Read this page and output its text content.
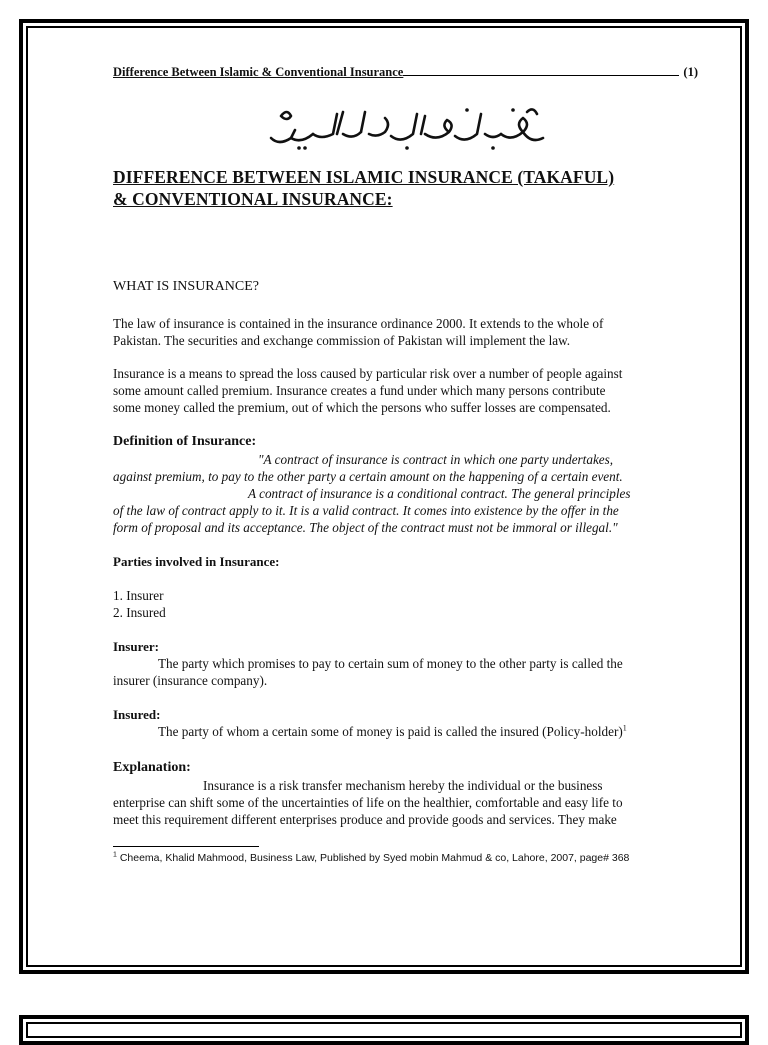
Difference Between Islamic & Conventional Insurance	(1)
بِسْمِ اللهِ الرَّحْمٰنِ الرَّحِيْمِ
DIFFERENCE BETWEEN ISLAMIC INSURANCE (TAKAFUL)
& CONVENTIONAL INSURANCE:
WHAT IS INSURANCE?
The law of insurance is contained in the insurance ordinance 2000. It extends to the whole of
Pakistan. The securities and exchange commission of Pakistan will implement the law.
Insurance is a means to spread the loss caused by particular risk over a number of people against
some amount called premium. Insurance creates a fund under which many persons contribute
some money called the premium, out of which the persons who suffer losses are compensated.
Definition of Insurance:
"A contract of insurance is contract in which one party undertakes,
against premium, to pay to the other party a certain amount on the happening of a certain event.
A contract of insurance is a conditional contract. The general principles
of the law of contract apply to it. It is a valid contract. It comes into existence by the offer in the
form of proposal and its acceptance. The object of the contract must not be immoral or illegal."
Parties involved in Insurance:
1. Insurer
2. Insured
Insurer:
The party which promises to pay to certain sum of money to the other party is called the
insurer (insurance company).
Insured:
The party of whom a certain some of money is paid is called the insured (Policy-holder)$^1$
Explanation:
Insurance is a risk transfer mechanism hereby the individual or the business
enterprise can shift some of the uncertainties of life on the healthier, comfortable and easy life to
meet this requirement different enterprises produce and provide goods and services. They make
$^1$ Cheema, Khalid Mahmood, Business Law, Published by Syed mobin Mahmud & co, Lahore, 2007, page# 368
